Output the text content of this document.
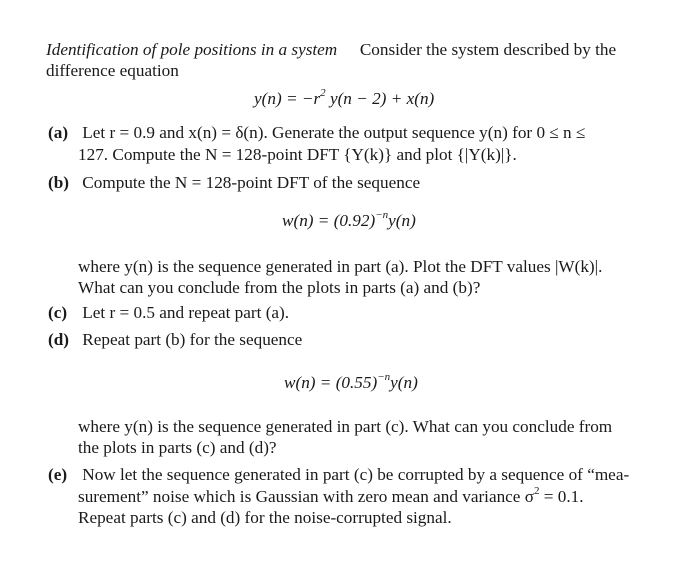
Identification of pole positions in a system Consider the system described by the
difference equation
$y(n) = -r^2$ y(n − 2) + x(n)
(a) Let r = 0.9 and x(n) = δ(n). Generate the output sequence y(n) for 0 ≤ n ≤
127. Compute the N = 128-point DFT {Y(k)} and plot {|Y(k)|}.
(b) Compute the N = 128-point DFT of the sequence
$w(n) = (0.92)^{-n}y(n)$
where y(n) is the sequence generated in part (a). Plot the DFT values |W(k)|.
What can you conclude from the plots in parts (a) and (b)?
(c) Let r = 0.5 and repeat part (a).
(d) Repeat part (b) for the sequence
$w(n) = (0.55)^{-n}y(n)$
where y(n) is the sequence generated in part (c). What can you conclude from
the plots in parts (c) and (d)?
(e) Now let the sequence generated in part (c) be corrupted by a sequence of “mea-
surement” noise which is Gaussian with zero mean and variance $\sigma^2 = 0.1$.
Repeat parts (c) and (d) for the noise-corrupted signal.
